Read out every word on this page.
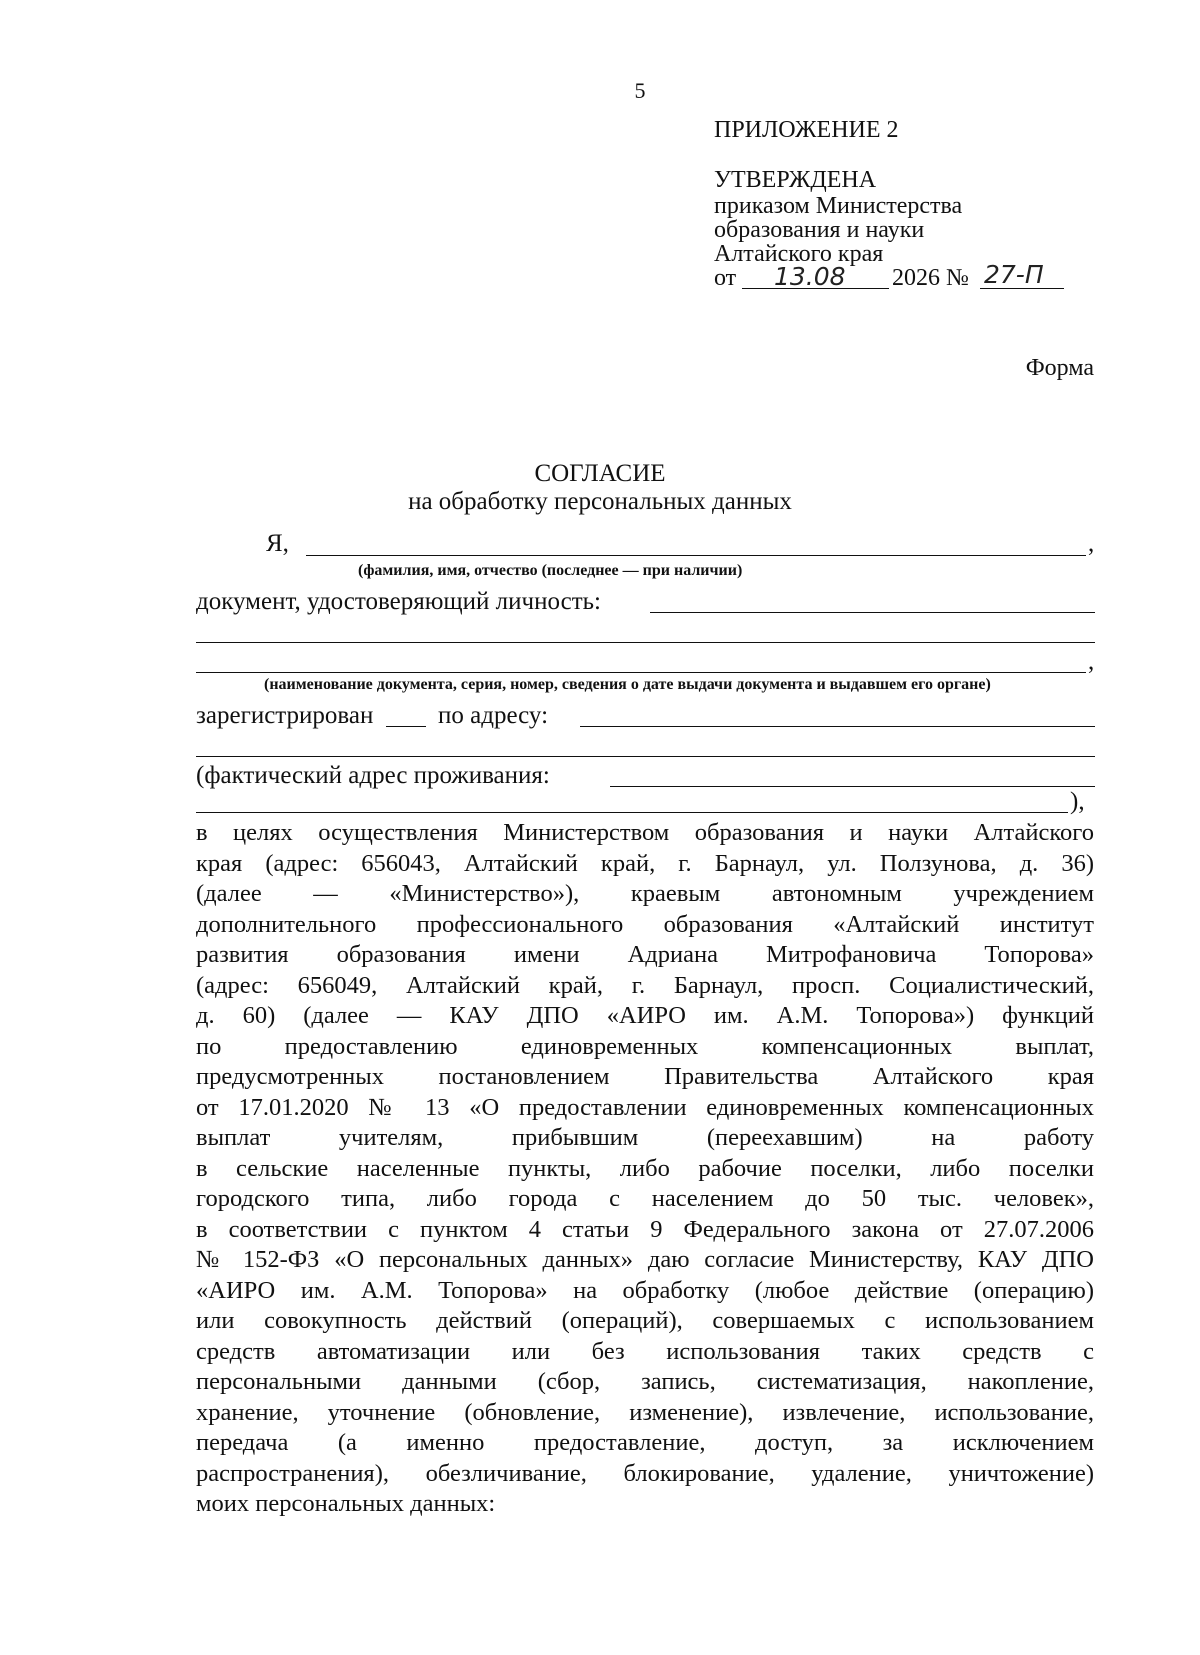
5
ПРИЛОЖЕНИЕ 2
УТВЕРЖДЕНА
приказом Министерства
образования и науки
Алтайского края
от 13.08 2026 № 27-П
Форма
СОГЛАСИЕ
на обработку персональных данных
Я,	,
(фамилия, имя, отчество (последнее — при наличии)
документ, удостоверяющий личность:
,
(наименование документа, серия, номер, сведения о дате выдачи документа и выдавшем его органе)
зарегистрирован	по адресу:
(фактический адрес проживания:
),
в целях осуществления Министерством образования и науки Алтайского
края (адрес: 656043, Алтайский край, г. Барнаул, ул. Ползунова, д. 36)
(далее — «Министерство»), краевым автономным учреждением
дополнительного профессионального образования «Алтайский институт
развития образования имени Адриана Митрофановича Топорова»
(адрес: 656049, Алтайский край, г. Барнаул, просп. Социалистический,
д. 60) (далее — КАУ ДПО «АИРО им. А.М. Топорова») функций
по предоставлению единовременных компенсационных выплат,
предусмотренных постановлением Правительства Алтайского края
от 17.01.2020 № 13 «О предоставлении единовременных компенсационных
выплат учителям, прибывшим (переехавшим) на работу
в сельские населенные пункты, либо рабочие поселки, либо поселки
городского типа, либо города с населением до 50 тыс. человек»,
в соответствии с пунктом 4 статьи 9 Федерального закона от 27.07.2006
№ 152-ФЗ «О персональных данных» даю согласие Министерству, КАУ ДПО
«АИРО им. А.М. Топорова» на обработку (любое действие (операцию)
или совокупность действий (операций), совершаемых с использованием
средств автоматизации или без использования таких средств с
персональными данными (сбор, запись, систематизация, накопление,
хранение, уточнение (обновление, изменение), извлечение, использование,
передача (а именно предоставление, доступ, за исключением
распространения), обезличивание, блокирование, удаление, уничтожение)
моих персональных данных:
